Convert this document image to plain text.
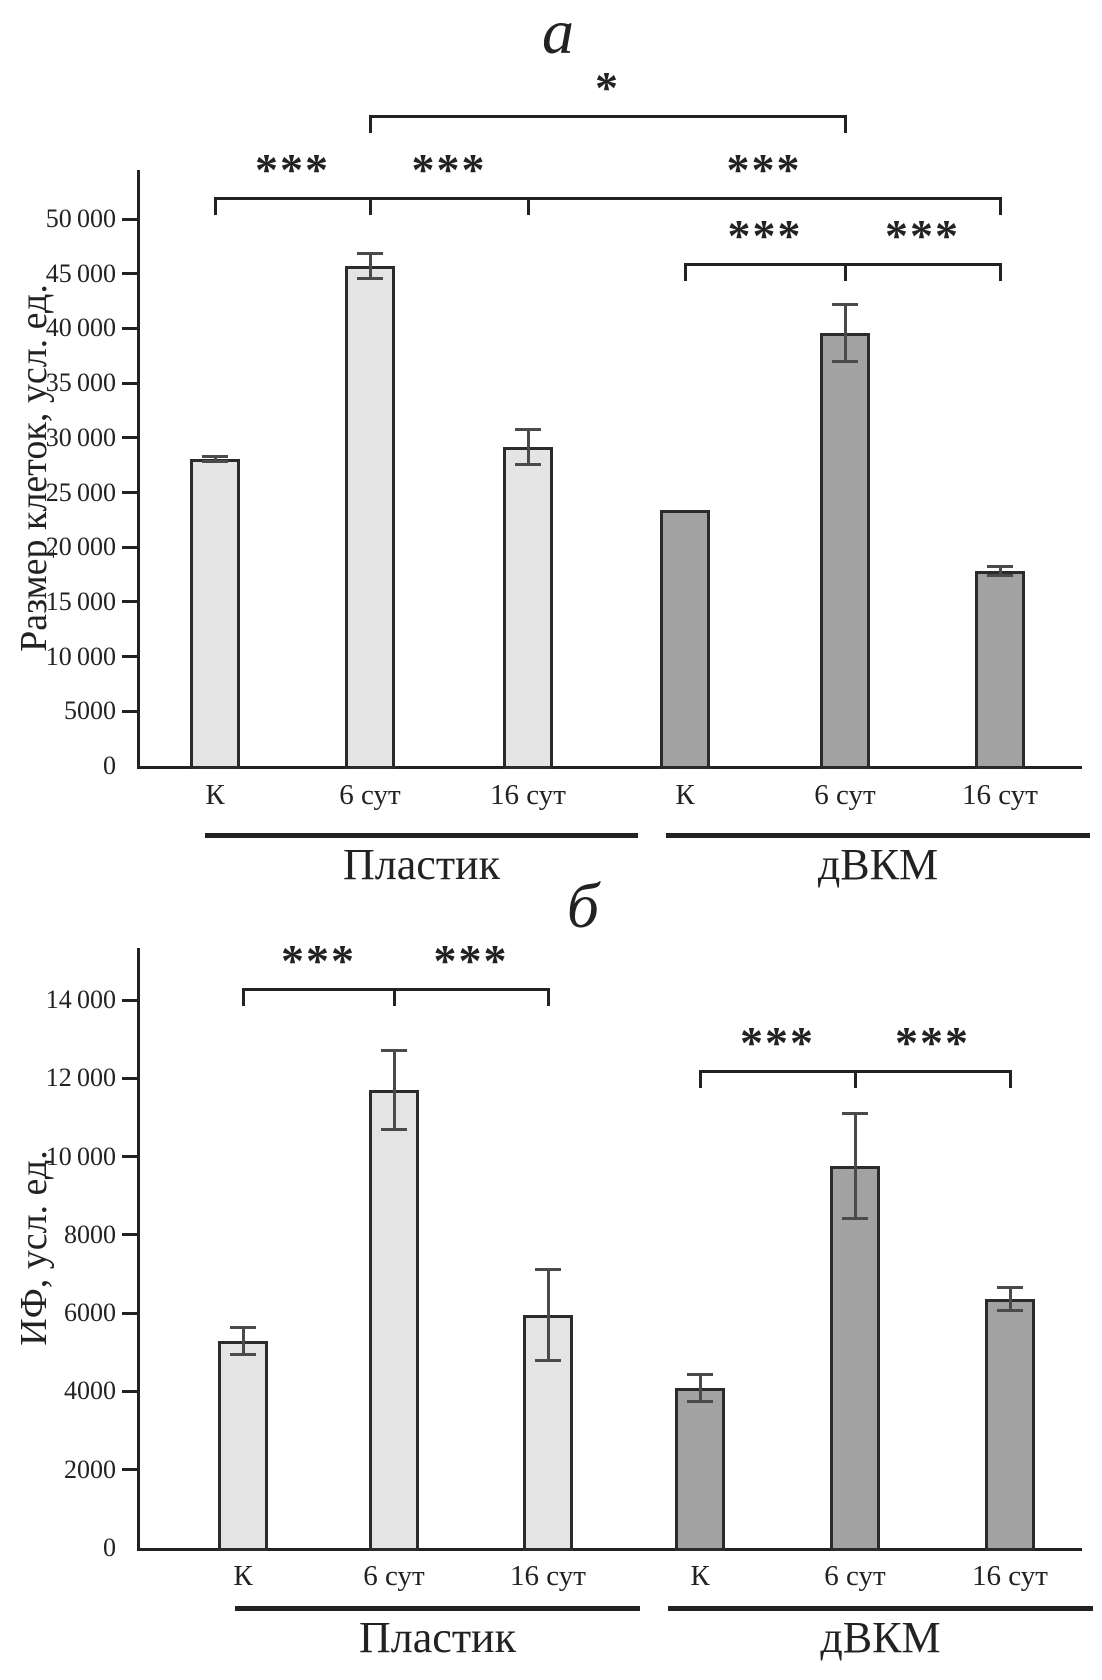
а
Размер клеток, усл. ед.
0
5000
10 000
15 000
20 000
25 000
30 000
35 000
40 000
45 000
50 000
К	6 сут	16 сут
Пластик
К	6 сут	16 сут
дВКМ
*** ***	***
*** ***
*
б
ИФ, усл. ед.
0
2000
4000
6000
8000
10 000
12 000
14 000
К	6 сут	16 сут
Пластик
К	6 сут	16 сут
дВКМ
*** ***
*** ***
